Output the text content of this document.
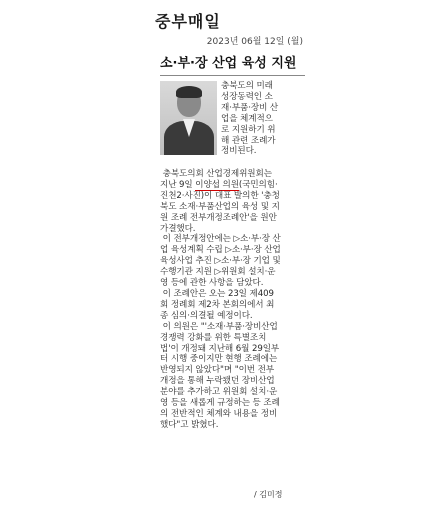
중부매일
2023년 06월 12일 (월)
소·부·장 산업 육성 지원

충북도의 미래 성장동력인 소재·부품·장비 산업을 체계적으로 지원하기 위해 관련 조례가 정비된다.

충북도의회 산업경제위원회는 지난 9일 이양섭 의원(국민의힘·진천2·사진)이 대표 발의한 '충청북도 소재·부품산업의 육성 및 지원 조례 전부개정조례안'을 원안 가결했다.

이 전부개정안에는 ▷소·부·장 산업 육성계획 수립 ▷소·부·장 산업 육성사업 추진 ▷소·부·장 기업 및 수행기관 지원 ▷위원회 설치·운영 등에 관한 사항을 담았다.

이 조례안은 오는 23일 제409회 정례회 제2차 본회의에서 최종 심의·의결될 예정이다.

이 의원은 "'소재·부품·장비산업 경쟁력 강화를 위한 특별조치법'이 개정돼 지난해 6월 29일부터 시행 중이지만 현행 조례에는 반영되지 않았다"며 "이번 전부개정을 통해 누락됐던 장비산업 분야를 추가하고 위원회 설치·운영 등을 새롭게 규정하는 등 조례의 전반적인 체계와 내용을 정비했다"고 밝혔다.

/ 김미정
